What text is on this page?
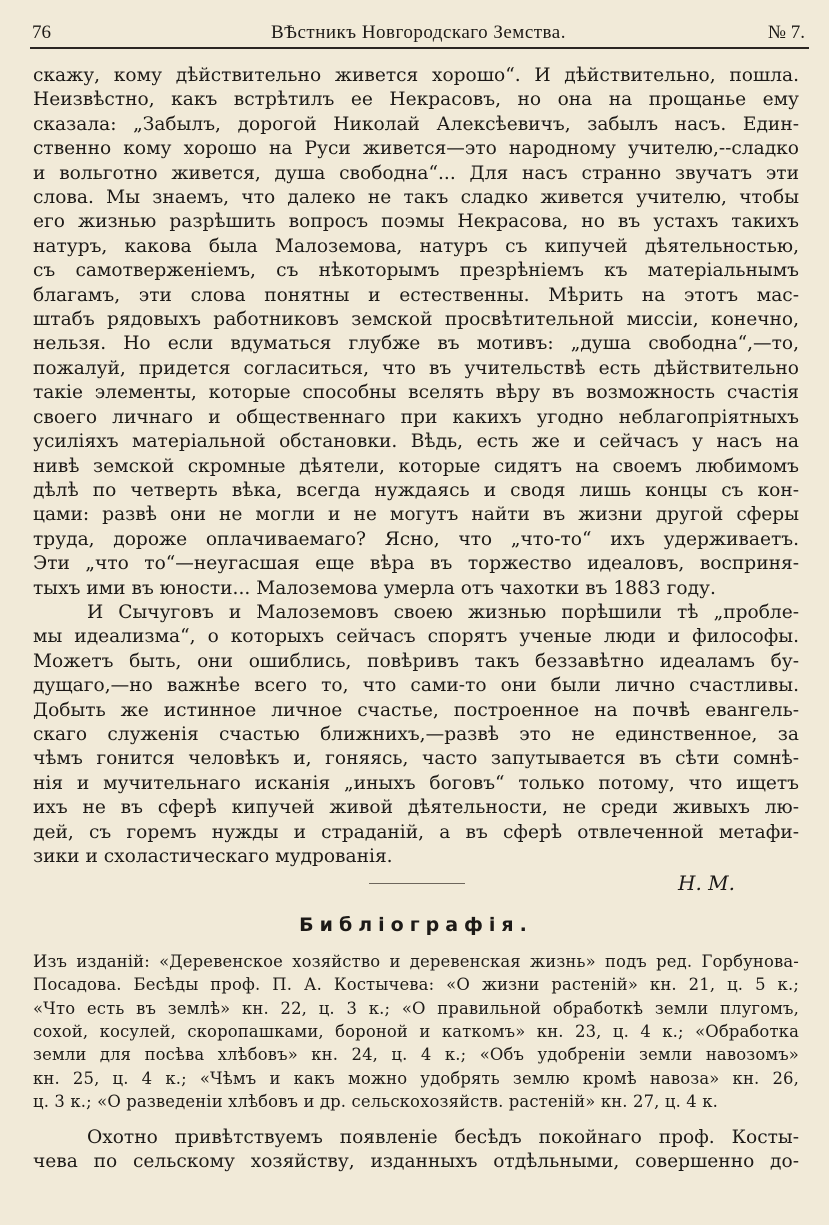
76	ВѢстникъ Новгородскаго Земства.	№ 7.
скажу, кому дѣйствительно живется хорошо“. И дѣйствительно, пошла.
Неизвѣстно, какъ встрѣтилъ ее Некрасовъ, но она на прощанье ему
сказала: „Забылъ, дорогой Николай Алексѣевичъ, забылъ насъ. Един-
ственно кому хорошо на Руси живется—это народному учителю,--сладко
и вольготно живется, душа свободна“... Для насъ странно звучатъ эти
слова. Мы знаемъ, что далеко не такъ сладко живется учителю, чтобы
его жизнью разрѣшить вопросъ поэмы Некрасова, но въ устахъ такихъ
натуръ, какова была Малоземова, натуръ съ кипучей дѣятельностью,
съ самотверженіемъ, съ нѣкоторымъ презрѣніемъ къ матеріальнымъ
благамъ, эти слова понятны и естественны. Мѣрить на этотъ мас-
штабъ рядовыхъ работниковъ земской просвѣтительной миссіи, конечно,
нельзя. Но если вдуматься глубже въ мотивъ: „душа свободна“,—то,
пожалуй, придется согласиться, что въ учительствѣ есть дѣйствительно
такіе элементы, которые способны вселять вѣру въ возможность счастія
своего личнаго и общественнаго при какихъ угодно неблагопріятныхъ
усиліяхъ матеріальной обстановки. Вѣдь, есть же и сейчасъ у насъ на
нивѣ земской скромные дѣятели, которые сидятъ на своемъ любимомъ
дѣлѣ по четверть вѣка, всегда нуждаясь и сводя лишь концы съ кон-
цами: развѣ они не могли и не могутъ найти въ жизни другой сферы
труда, дороже оплачиваемаго? Ясно, что „что-то“ ихъ удерживаетъ.
Эти „что то“—неугасшая еще вѣра въ торжество идеаловъ, восприня-
тыхъ ими въ юности... Малоземова умерла отъ чахотки въ 1883 году.
И Сычуговъ и Малоземовъ своею жизнью порѣшили тѣ „пробле-
мы идеализма“, о которыхъ сейчасъ спорятъ ученые люди и философы.
Можетъ быть, они ошиблись, повѣривъ такъ беззавѣтно идеаламъ бу-
дущаго,—но важнѣе всего то, что сами-то они были лично счастливы.
Добыть же истинное личное счастье, построенное на почвѣ евангель-
скаго служенія счастью ближнихъ,—развѣ это не единственное, за
чѣмъ гонится человѣкъ и, гоняясь, часто запутывается въ сѣти сомнѣ-
нія и мучительнаго исканія „иныхъ боговъ“ только потому, что ищетъ
ихъ не въ сферѣ кипучей живой дѣятельности, не среди живыхъ лю-
дей, съ горемъ нужды и страданій, а въ сферѣ отвлеченной метафи-
зики и схоластическаго мудрованія.
Н. М.
Библіографія.
Изъ изданій: «Деревенское хозяйство и деревенская жизнь» подъ ред. Горбунова-
Посадова. Бесѣды проф. П. А. Костычева: «О жизни растеній» кн. 21, ц. 5 к.;
«Что есть въ землѣ» кн. 22, ц. 3 к.; «О правильной обработкѣ земли плугомъ,
сохой, косулей, скоропашками, бороной и каткомъ» кн. 23, ц. 4 к.; «Обработка
земли для посѣва хлѣбовъ» кн. 24, ц. 4 к.; «Объ удобреніи земли навозомъ»
кн. 25, ц. 4 к.; «Чѣмъ и какъ можно удобрять землю кромѣ навоза» кн. 26,
ц. 3 к.; «О разведеніи хлѣбовъ и др. сельскохозяйств. растеній» кн. 27, ц. 4 к.
Охотно привѣтствуемъ появленіе бесѣдъ покойнаго проф. Косты-
чева по сельскому хозяйству, изданныхъ отдѣльными, совершенно до-
